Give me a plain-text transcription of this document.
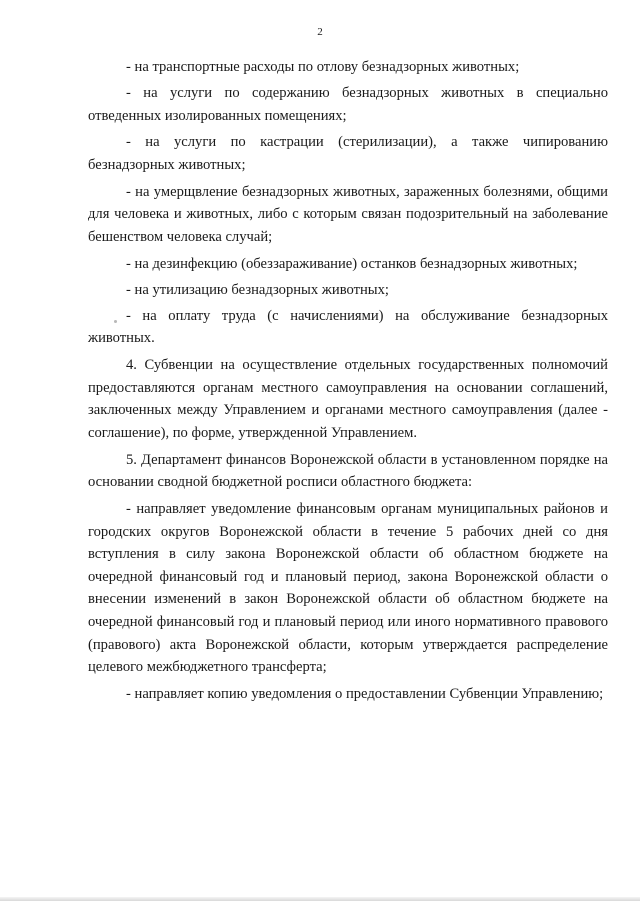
2

- на транспортные расходы по отлову безнадзорных животных;

- на услуги по содержанию безнадзорных животных в специально отведенных изолированных помещениях;

- на услуги по кастрации (стерилизации), а также чипированию безнадзорных животных;

- на умерщвление безнадзорных животных, зараженных болезнями, общими для человека и животных, либо с которым связан подозрительный на заболевание бешенством человека случай;

- на дезинфекцию (обеззараживание) останков безнадзорных животных;

- на утилизацию безнадзорных животных;

- на оплату труда (с начислениями) на обслуживание безнадзорных животных.

4. Субвенции на осуществление отдельных государственных полномочий предоставляются органам местного самоуправления на основании соглашений, заключенных между Управлением и органами местного самоуправления (далее - соглашение), по форме, утвержденной Управлением.

5. Департамент финансов Воронежской области в установленном порядке на основании сводной бюджетной росписи областного бюджета:

- направляет уведомление финансовым органам муниципальных районов и городских округов Воронежской области в течение 5 рабочих дней со дня вступления в силу закона Воронежской области об областном бюджете на очередной финансовый год и плановый период, закона Воронежской области о внесении изменений в закон Воронежской области об областном бюджете на очередной финансовый год и плановый период или иного нормативного правового (правового) акта Воронежской области, которым утверждается распределение целевого межбюджетного трансферта;

- направляет копию уведомления о предоставлении Субвенции Управлению;
